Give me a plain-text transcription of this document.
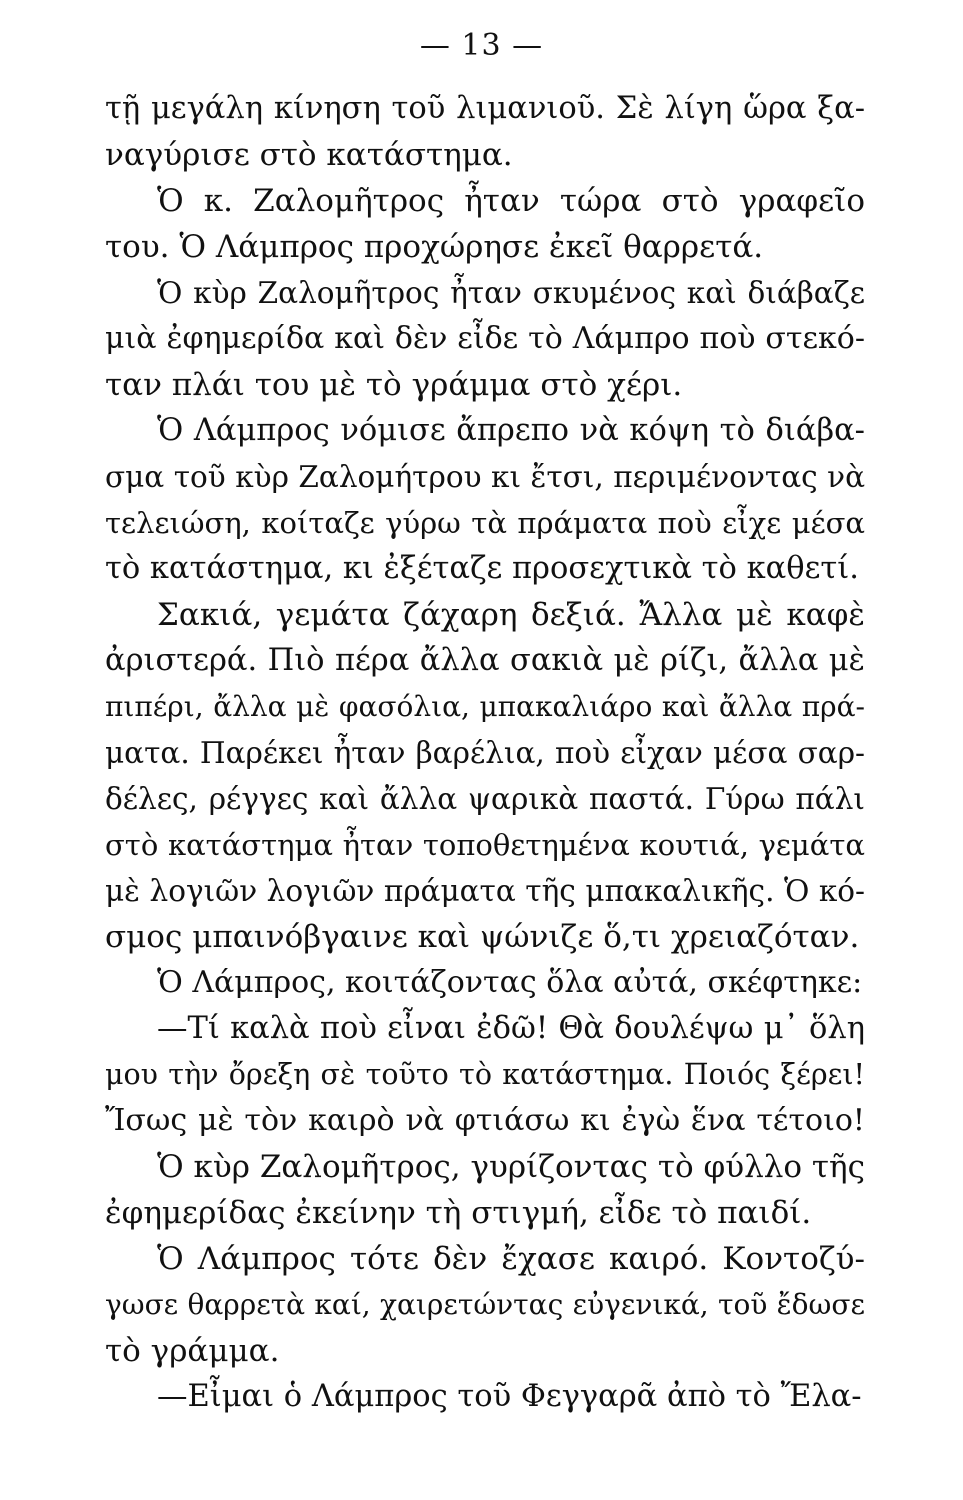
— 13 —
τῇ μεγάλη κίνηση τοῦ λιμανιοῦ. Σὲ λίγη ὥρα ξα-
ναγύρισε στὸ κατάστημα.
Ὁ κ. Ζαλομῆτρος ἦταν τώρα στὸ γραφεῖο
του. Ὁ Λάμπρος προχώρησε ἐκεῖ θαρρετά.
Ὁ κὺρ Ζαλομῆτρος ἦταν σκυμένος καὶ διάβαζε
μιὰ ἐφημερίδα καὶ δὲν εἶδε τὸ Λάμπρο ποὺ στεκό-
ταν πλάι του μὲ τὸ γράμμα στὸ χέρι.
Ὁ Λάμπρος νόμισε ἄπρεπο νὰ κόψη τὸ διάβα-
σμα τοῦ κὺρ Ζαλομήτρου κι ἔτσι, περιμένοντας νὰ
τελειώση, κοίταζε γύρω τὰ πράματα ποὺ εἶχε μέσα
τὸ κατάστημα, κι ἐξέταζε προσεχτικὰ τὸ καθετί.
Σακιά, γεμάτα ζάχαρη δεξιά. Ἄλλα μὲ καφὲ
ἀριστερά. Πιὸ πέρα ἄλλα σακιὰ μὲ ρίζι, ἄλλα μὲ
πιπέρι, ἄλλα μὲ φασόλια, μπακαλιάρο καὶ ἄλλα πρά-
ματα. Παρέκει ἦταν βαρέλια, ποὺ εἶχαν μέσα σαρ-
δέλες, ρέγγες καὶ ἄλλα ψαρικὰ παστά. Γύρω πάλι
στὸ κατάστημα ἦταν τοποθετημένα κουτιά, γεμάτα
μὲ λογιῶν λογιῶν πράματα τῆς μπακαλικῆς. Ὁ κό-
σμος μπαινόβγαινε καὶ ψώνιζε ὅ,τι χρειαζόταν.
Ὁ Λάμπρος, κοιτάζοντας ὅλα αὐτά, σκέφτηκε:
—Τί καλὰ ποὺ εἶναι ἐδῶ! Θὰ δουλέψω μ᾽ ὅλη
μου τὴν ὄρεξη σὲ τοῦτο τὸ κατάστημα. Ποιός ξέρει!
Ἴσως μὲ τὸν καιρὸ νὰ φτιάσω κι ἐγὼ ἕνα τέτοιο!
Ὁ κὺρ Ζαλομῆτρος, γυρίζοντας τὸ φύλλο τῆς
ἐφημερίδας ἐκείνην τὴ στιγμή, εἶδε τὸ παιδί.
Ὁ Λάμπρος τότε δὲν ἔχασε καιρό. Κοντοζύ-
γωσε θαρρετὰ καί, χαιρετώντας εὐγενικά, τοῦ ἔδωσε
τὸ γράμμα.
—Εἶμαι ὁ Λάμπρος τοῦ Φεγγαρᾶ ἀπὸ τὸ Ἔλα-
